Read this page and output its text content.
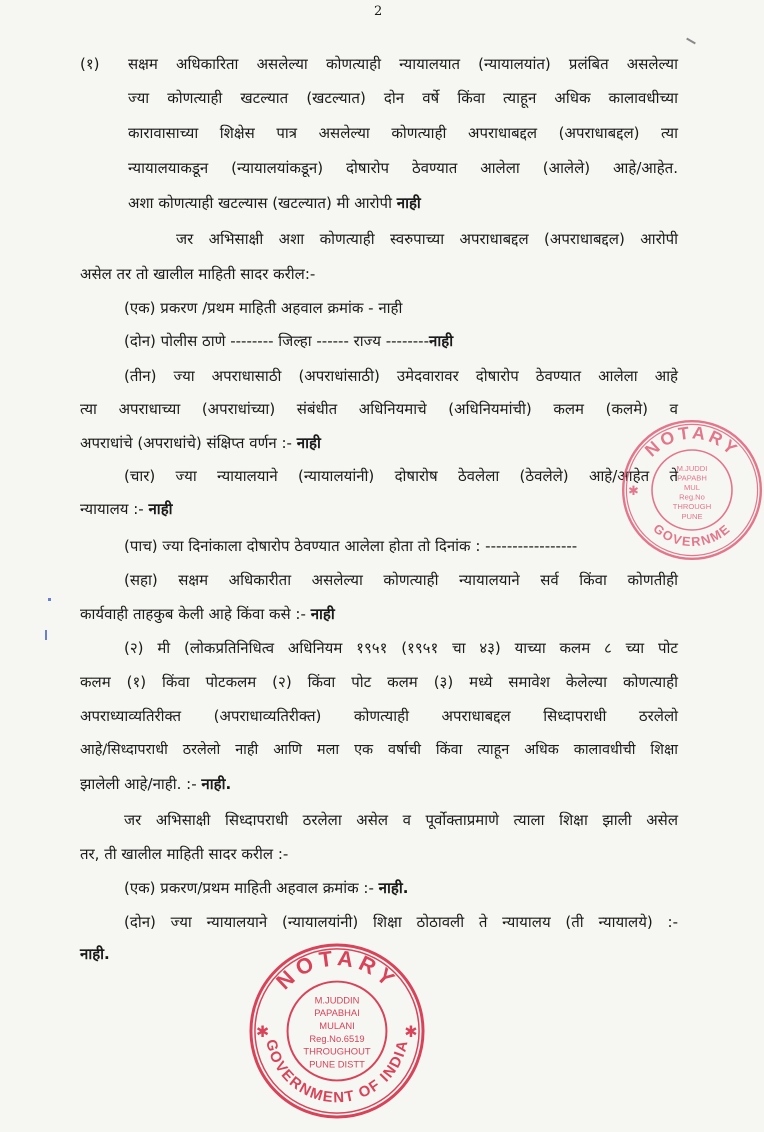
2
(१) सक्षम अधिकारिता असलेल्या कोणत्याही न्यायालयात (न्यायालयांत) प्रलंबित असलेल्या
ज्या कोणत्याही खटल्यात (खटल्यात) दोन वर्षे किंवा त्याहून अधिक कालावधीच्या
कारावासाच्या शिक्षेस पात्र असलेल्या कोणत्याही अपराधाबद्दल (अपराधाबद्दल) त्या
न्यायालयाकडून (न्यायालयांकडून) दोषारोप ठेवण्यात आलेला (आलेले) आहे/आहेत.
अशा कोणत्याही खटल्यास (खटल्यात) मी आरोपी नाही
जर अभिसाक्षी अशा कोणत्याही स्वरुपाच्या अपराधाबद्दल (अपराधाबद्दल) आरोपी
असेल तर तो खालील माहिती सादर करील:-
(एक) प्रकरण /प्रथम माहिती अहवाल क्रमांक - नाही
(दोन) पोलीस ठाणे -------- जिल्हा ------ राज्य --------नाही
(तीन) ज्या अपराधासाठी (अपराधांसाठी) उमेदवारावर दोषारोप ठेवण्यात आलेला आहे
त्या अपराधाच्या (अपराधांच्या) संबंधीत अधिनियमाचे (अधिनियमांची) कलम (कलमे) व
अपराधांचे (अपराधांचे) संक्षिप्त वर्णन :- नाही
(चार) ज्या न्यायालयाने (न्यायालयांनी) दोषारोष ठेवलेला (ठेवलेले) आहे/आहेत ते
न्यायालय :- नाही
(पाच) ज्या दिनांकाला दोषारोप ठेवण्यात आलेला होता तो दिनांक : -----------------
(सहा) सक्षम अधिकारीता असलेल्या कोणत्याही न्यायालयाने सर्व किंवा कोणतीही
कार्यवाही ताहकुब केली आहे किंवा कसे :- नाही
(२) मी (लोकप्रतिनिधित्व अधिनियम १९५१ (१९५१ चा ४३) याच्या कलम ८ च्या पोट
कलम (१) किंवा पोटकलम (२) किंवा पोट कलम (३) मध्ये समावेश केलेल्या कोणत्याही
अपराध्याव्यतिरीक्त (अपराधाव्यतिरीक्त) कोणत्याही अपराधाबद्दल सिध्दापराधी ठरलेलो
आहे/सिध्दापराधी ठरलेलो नाही आणि मला एक वर्षाची किंवा त्याहून अधिक कालावधीची शिक्षा
झालेली आहे/नाही. :- नाही.
जर अभिसाक्षी सिध्दापराधी ठरलेला असेल व पूर्वोक्ताप्रमाणे त्याला शिक्षा झाली असेल
तर, ती खालील माहिती सादर करील :-
(एक) प्रकरण/प्रथम माहिती अहवाल क्रमांक :- नाही.
(दोन) ज्या न्यायालयाने (न्यायालयांनी) शिक्षा ठोठावली ते न्यायालय (ती न्यायालये) :-
नाही.
NOTARY
GOVERNME
✱
M.JUDDI
PAPABH
MUL
Reg.No
THROUGH
PUNE
NOTARY
GOVERNMENT OF INDIA
✱	✱
M.JUDDIN
PAPABHAI
MULANI
Reg.No.6519
THROUGHOUT
PUNE DISTT
